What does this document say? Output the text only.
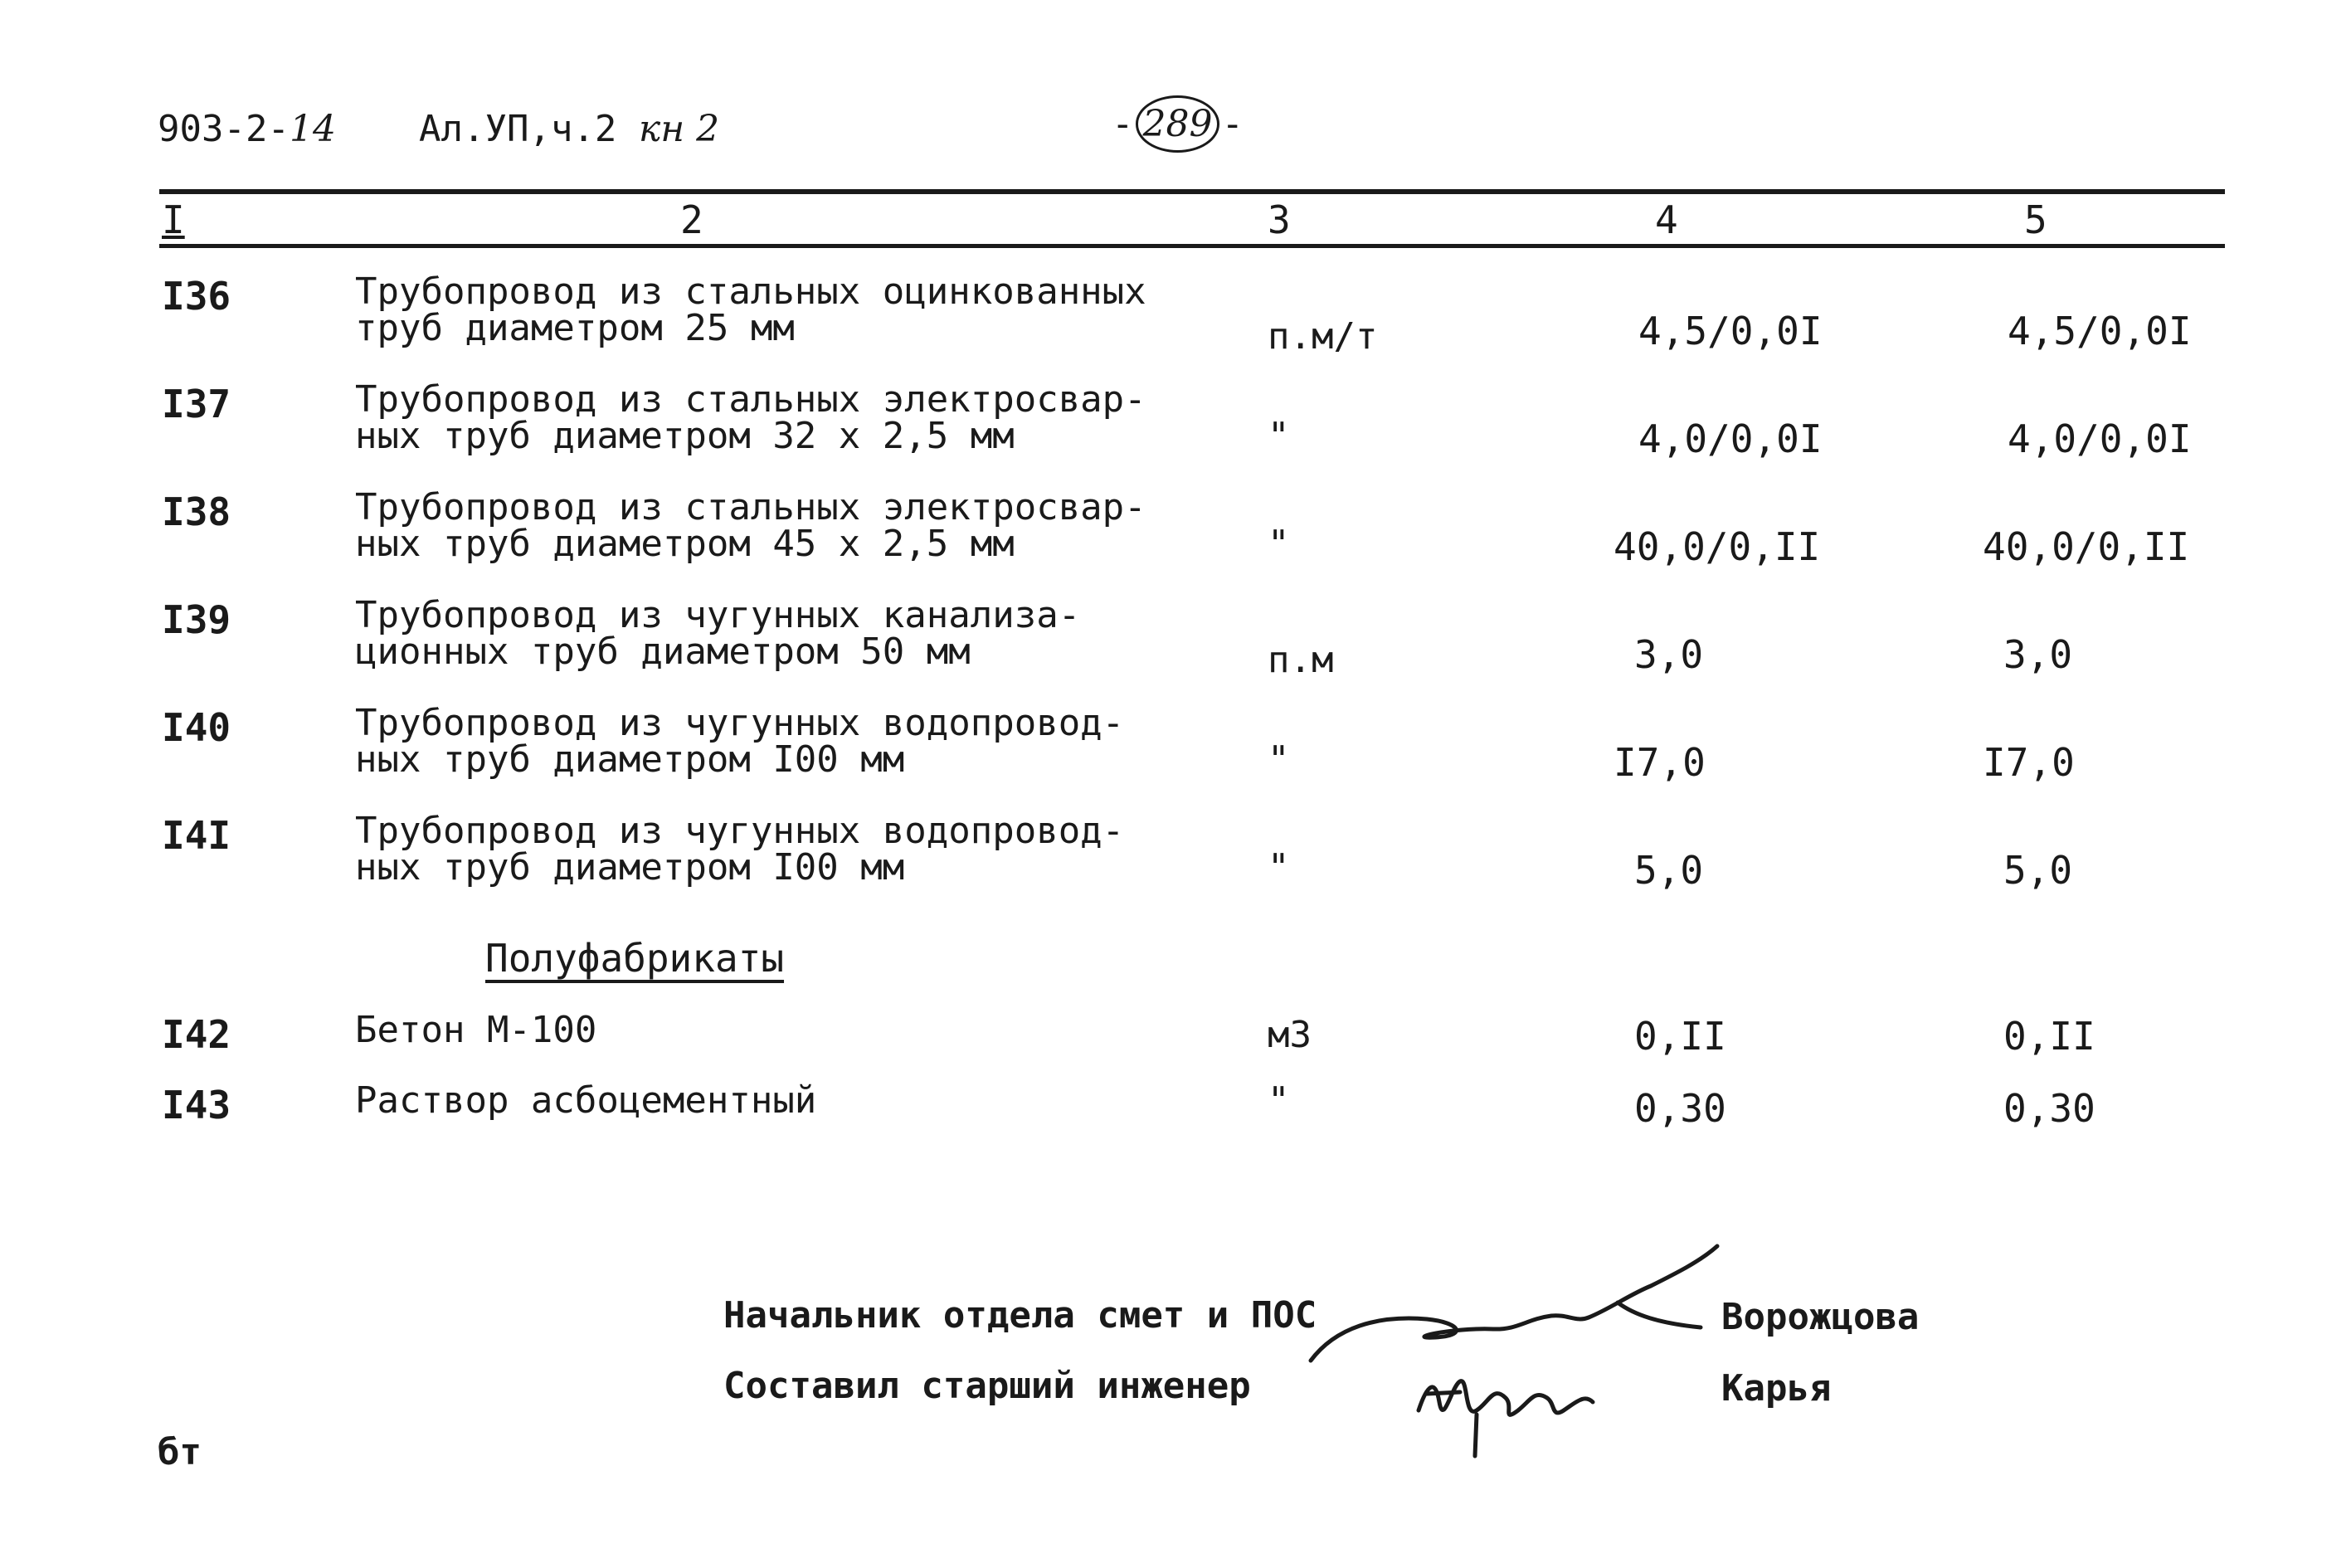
903-2-14 Ал.УП,ч.2 кн 2	- 289 -
I	2	3	4	5
I36	Трубопровод из стальных оцинкованных
труб диаметром 25 мм	п.м/т	4,5/0,0I	4,5/0,0I
I37	Трубопровод из стальных электросвар-
ных труб диаметром 32 х 2,5 мм	"	4,0/0,0I	4,0/0,0I
I38	Трубопровод из стальных электросвар-
ных труб диаметром 45 х 2,5 мм	"	40,0/0,II	40,0/0,II
I39	Трубопровод из чугунных канализа-
ционных труб диаметром 50 мм	п.м	3,0	3,0
I40	Трубопровод из чугунных водопровод-
ных труб диаметром I00 мм	"	I7,0	I7,0
I4I	Трубопровод из чугунных водопровод-
ных труб диаметром I00 мм	"	5,0	5,0
Полуфабрикаты
I42	Бетон М-100	м3	0,II	0,II
I43	Раствор асбоцементный	"	0,30	0,30
Начальник отдела смет и ПОС	Ворожцова
Составил старший инженер	Карья
бт
